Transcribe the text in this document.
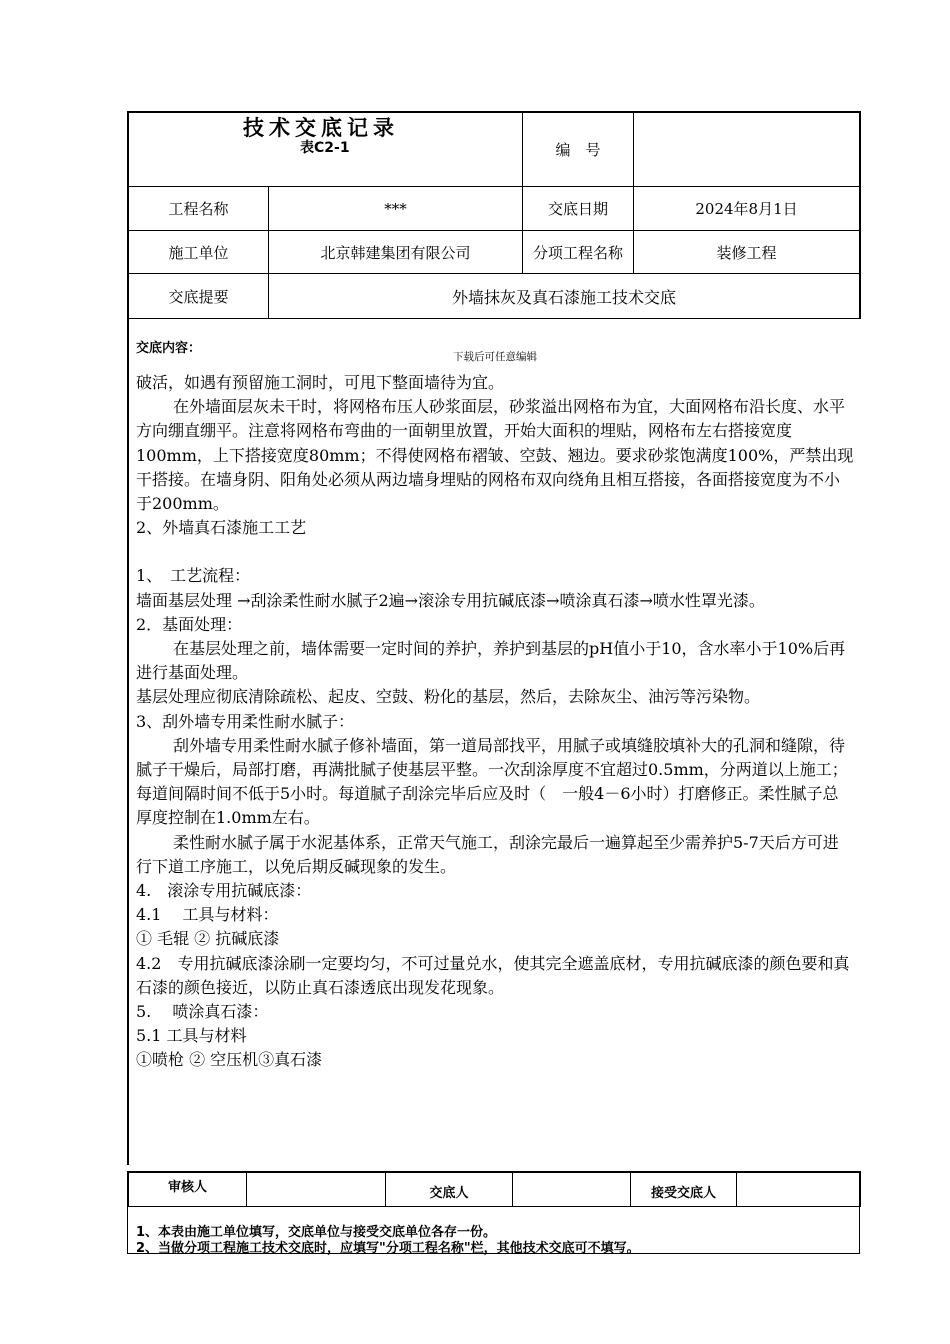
技术交底记录
表C2-1	编　号
工程名称	***	交底日期	2024年8月1日
施工单位	北京韩建集团有限公司	分项工程名称	装修工程
交底提要	外墙抹灰及真石漆施工技术交底
交底内容：
下载后可任意编辑

破活，如遇有预留施工洞时，可甩下整面墙待为宜。

在外墙面层灰未干时，将网格布压人砂浆面层，砂浆溢出网格布为宜，大面网格布沿长度、水平方向绷直绷平。注意将网格布弯曲的一面朝里放置，开始大面积的埋贴，网格布左右搭接宽度100mm，上下搭接宽度80mm；不得使网格布褶皱、空鼓、翘边。要求砂浆饱满度100%，严禁出现干搭接。在墙身阴、阳角处必须从两边墙身埋贴的网格布双向绕角且相互搭接，各面搭接宽度为不小于200mm。

2、外墙真石漆施工工艺

1、　工艺流程：

墙面基层处理 →刮涂柔性耐水腻子2遍→滚涂专用抗碱底漆→喷涂真石漆→喷水性罩光漆。

2．基面处理：

在基层处理之前，墙体需要一定时间的养护，养护到基层的pH值小于10，含水率小于10%后再进行基面处理。

基层处理应彻底清除疏松、起皮、空鼓、粉化的基层，然后，去除灰尘、油污等污染物。

3、刮外墙专用柔性耐水腻子：

刮外墙专用柔性耐水腻子修补墙面，第一道局部找平，用腻子或填缝胶填补大的孔洞和缝隙，待腻子干燥后，局部打磨，再满批腻子使基层平整。一次刮涂厚度不宜超过0.5mm，分两道以上施工；每道间隔时间不低于5小时。每道腻子刮涂完毕后应及时（　一般4－6小时）打磨修正。柔性腻子总厚度控制在1.0mm左右。

柔性耐水腻子属于水泥基体系，正常天气施工，刮涂完最后一遍算起至少需养护5-7天后方可进行下道工序施工，以免后期反碱现象的发生。

4.　滚涂专用抗碱底漆：

4.1　 工具与材料：

① 毛辊 ② 抗碱底漆

4.2　专用抗碱底漆涂刷一定要均匀，不可过量兑水，使其完全遮盖底材，专用抗碱底漆的颜色要和真石漆的颜色接近，以防止真石漆透底出现发花现象。

5.　 喷涂真石漆：

5.1 工具与材料

①喷枪 ② 空压机③真石漆

审核人	交底人	接受交底人
1、本表由施工单位填写，交底单位与接受交底单位各存一份。
2、当做分项工程施工技术交底时，应填写"分项工程名称"栏，其他技术交底可不填写。
